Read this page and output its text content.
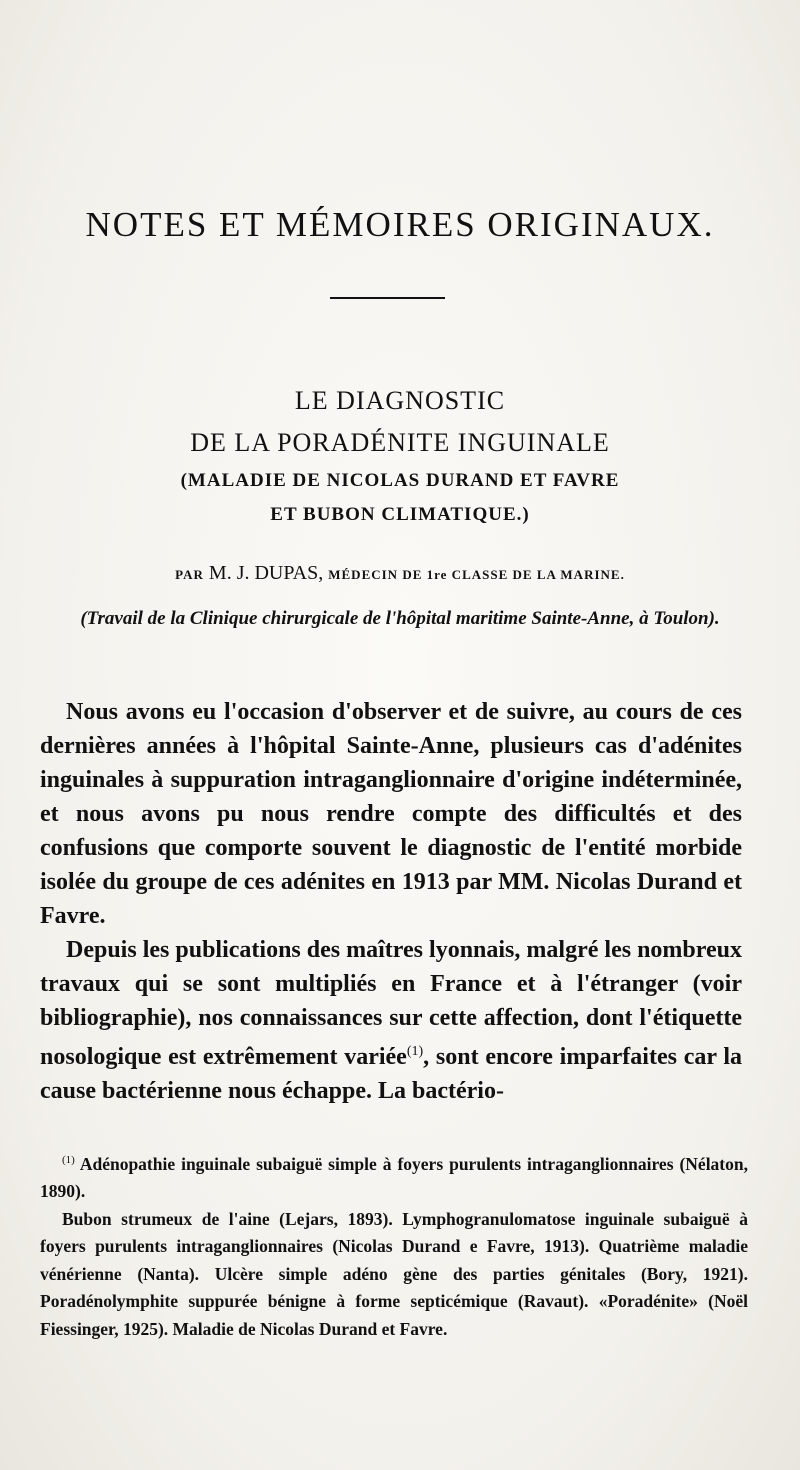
NOTES ET MÉMOIRES ORIGINAUX.
LE DIAGNOSTIC
DE LA PORADÉNITE INGUINALE
(MALADIE DE NICOLAS DURAND ET FAVRE
ET BUBON CLIMATIQUE.)
PAR M. J. DUPAS, MÉDECIN DE 1re CLASSE DE LA MARINE.
(Travail de la Clinique chirurgicale de l'hôpital maritime Sainte-Anne, à Toulon).

Nous avons eu l'occasion d'observer et de suivre, au cours de ces dernières années à l'hôpital Sainte-Anne, plusieurs cas d'adénites inguinales à suppuration intraganglionnaire d'origine indéterminée, et nous avons pu nous rendre compte des difficultés et des confusions que comporte souvent le diagnostic de l'entité morbide isolée du groupe de ces adénites en 1913 par MM. Nicolas Durand et Favre.

Depuis les publications des maîtres lyonnais, malgré les nombreux travaux qui se sont multipliés en France et à l'étranger (voir bibliographie), nos connaissances sur cette affection, dont l'étiquette nosologique est extrêmement variée$^{(1)}$, sont encore imparfaites car la cause bactérienne nous échappe. La bactério-

$^{(1)}$ Adénopathie inguinale subaiguë simple à foyers purulents intraganglionnaires (Nélaton, 1890).

Bubon strumeux de l'aine (Lejars, 1893). Lymphogranulomatose inguinale subaiguë à foyers purulents intraganglionnaires (Nicolas Durand e Favre, 1913). Quatrième maladie vénérienne (Nanta). Ulcère simple adéno gène des parties génitales (Bory, 1921). Poradénolymphite suppurée bénigne à forme septicémique (Ravaut). «Poradénite» (Noël Fiessinger, 1925). Maladie de Nicolas Durand et Favre.
